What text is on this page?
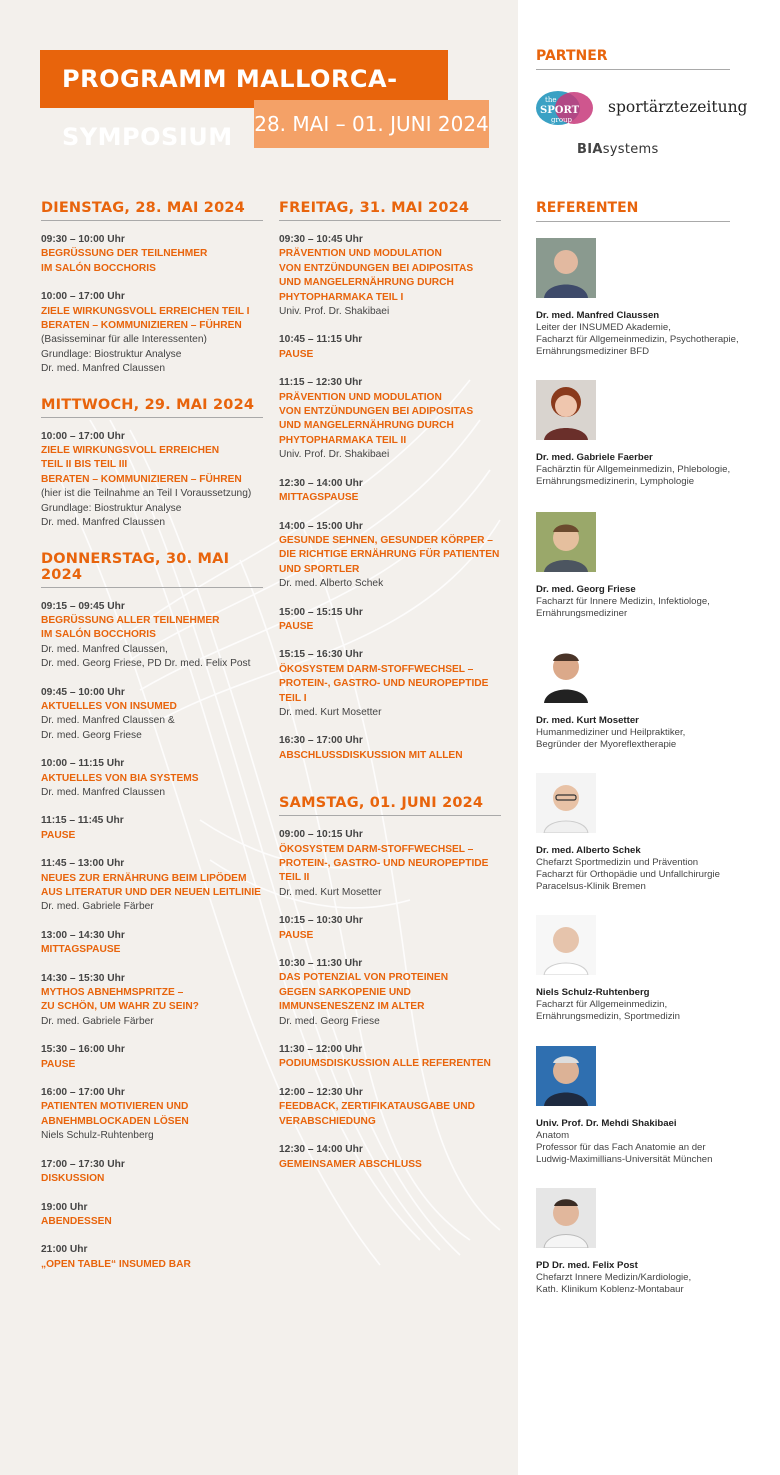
PROGRAMM MALLORCA-SYMPOSIUM	28. MAI – 01. JUNI 2024
DIENSTAG, 28. MAI 2024
09:30 – 10:00 Uhr
BEGRÜSSUNG DER TEILNEHMER
IM SALÓN BOCCHORIS
10:00 – 17:00 Uhr
ZIELE WIRKUNGSVOLL ERREICHEN TEIL I
BERATEN – KOMMUNIZIEREN – FÜHREN
(Basisseminar für alle Interessenten)
Grundlage: Biostruktur Analyse
Dr. med. Manfred Claussen
MITTWOCH, 29. MAI 2024
10:00 – 17:00 Uhr
ZIELE WIRKUNGSVOLL ERREICHEN
TEIL II BIS TEIL III
BERATEN – KOMMUNIZIEREN – FÜHREN
(hier ist die Teilnahme an Teil I Voraussetzung)
Grundlage: Biostruktur Analyse
Dr. med. Manfred Claussen
DONNERSTAG, 30. MAI 2024
09:15 – 09:45 Uhr
BEGRÜSSUNG ALLER TEILNEHMER
IM SALÓN BOCCHORIS
Dr. med. Manfred Claussen,
Dr. med. Georg Friese, PD Dr. med. Felix Post
09:45 – 10:00 Uhr
AKTUELLES VON INSUMED
Dr. med. Manfred Claussen &
Dr. med. Georg Friese
10:00 – 11:15 Uhr
AKTUELLES VON BIA SYSTEMS
Dr. med. Manfred Claussen
11:15 – 11:45 Uhr
PAUSE
11:45 – 13:00 Uhr
NEUES ZUR ERNÄHRUNG BEIM LIPÖDEM
AUS LITERATUR UND DER NEUEN LEITLINIE
Dr. med. Gabriele Färber
13:00 – 14:30 Uhr
MITTAGSPAUSE
14:30 – 15:30 Uhr
MYTHOS ABNEHMSPRITZE –
ZU SCHÖN, UM WAHR ZU SEIN?
Dr. med. Gabriele Färber
15:30 – 16:00 Uhr
PAUSE
16:00 – 17:00 Uhr
PATIENTEN MOTIVIEREN UND
ABNEHMBLOCKADEN LÖSEN
Niels Schulz-Ruhtenberg
17:00 – 17:30 Uhr
DISKUSSION
19:00 Uhr
ABENDESSEN
21:00 Uhr
„OPEN TABLE“ INSUMED BAR
FREITAG, 31. MAI 2024
09:30 – 10:45 Uhr
PRÄVENTION UND MODULATION
VON ENTZÜNDUNGEN BEI ADIPOSITAS
UND MANGELERNÄHRUNG DURCH
PHYTOPHARMAKA TEIL I
Univ. Prof. Dr. Shakibaei
10:45 – 11:15 Uhr
PAUSE
11:15 – 12:30 Uhr
PRÄVENTION UND MODULATION
VON ENTZÜNDUNGEN BEI ADIPOSITAS
UND MANGELERNÄHRUNG DURCH
PHYTOPHARMAKA TEIL II
Univ. Prof. Dr. Shakibaei
12:30 – 14:00 Uhr
MITTAGSPAUSE
14:00 – 15:00 Uhr
GESUNDE SEHNEN, GESUNDER KÖRPER –
DIE RICHTIGE ERNÄHRUNG FÜR PATIENTEN
UND SPORTLER
Dr. med. Alberto Schek
15:00 – 15:15 Uhr
PAUSE
15:15 – 16:30 Uhr
ÖKOSYSTEM DARM-STOFFWECHSEL –
PROTEIN-, GASTRO- UND NEUROPEPTIDE
TEIL I
Dr. med. Kurt Mosetter
16:30 – 17:00 Uhr
ABSCHLUSSDISKUSSION MIT ALLEN
SAMSTAG, 01. JUNI 2024
09:00 – 10:15 Uhr
ÖKOSYSTEM DARM-STOFFWECHSEL –
PROTEIN-, GASTRO- UND NEUROPEPTIDE
TEIL II
Dr. med. Kurt Mosetter
10:15 – 10:30 Uhr
PAUSE
10:30 – 11:30 Uhr
DAS POTENZIAL VON PROTEINEN
GEGEN SARKOPENIE UND
IMMUNSENESZENZ IM ALTER
Dr. med. Georg Friese
11:30 – 12:00 Uhr
PODIUMSDISKUSSION ALLE REFERENTEN
12:00 – 12:30 Uhr
FEEDBACK, ZERTIFIKATAUSGABE UND
VERABSCHIEDUNG
12:30 – 14:00 Uhr
GEMEINSAMER ABSCHLUSS
PARTNER
the
SPORT
group
sportärztezeitung
BIAsystems
REFERENTEN
Dr. med. Manfred Claussen
Leiter der INSUMED Akademie,
Facharzt für Allgemeinmedizin, Psychotherapie,
Ernährungsmediziner BFD
Dr. med. Gabriele Faerber
Fachärztin für Allgemeinmedizin, Phlebologie,
Ernährungsmedizinerin, Lymphologie
Dr. med. Georg Friese
Facharzt für Innere Medizin, Infektiologe,
Ernährungsmediziner
Dr. med. Kurt Mosetter
Humanmediziner und Heilpraktiker,
Begründer der Myoreflextherapie
Dr. med. Alberto Schek
Chefarzt Sportmedizin und Prävention
Facharzt für Orthopädie und Unfallchirurgie
Paracelsus-Klinik Bremen
Niels Schulz-Ruhtenberg
Facharzt für Allgemeinmedizin,
Ernährungsmedizin, Sportmedizin
Univ. Prof. Dr. Mehdi Shakibaei
Anatom
Professor für das Fach Anatomie an der
Ludwig-Maximillians-Universität München
PD Dr. med. Felix Post
Chefarzt Innere Medizin/Kardiologie,
Kath. Klinikum Koblenz-Montabaur
